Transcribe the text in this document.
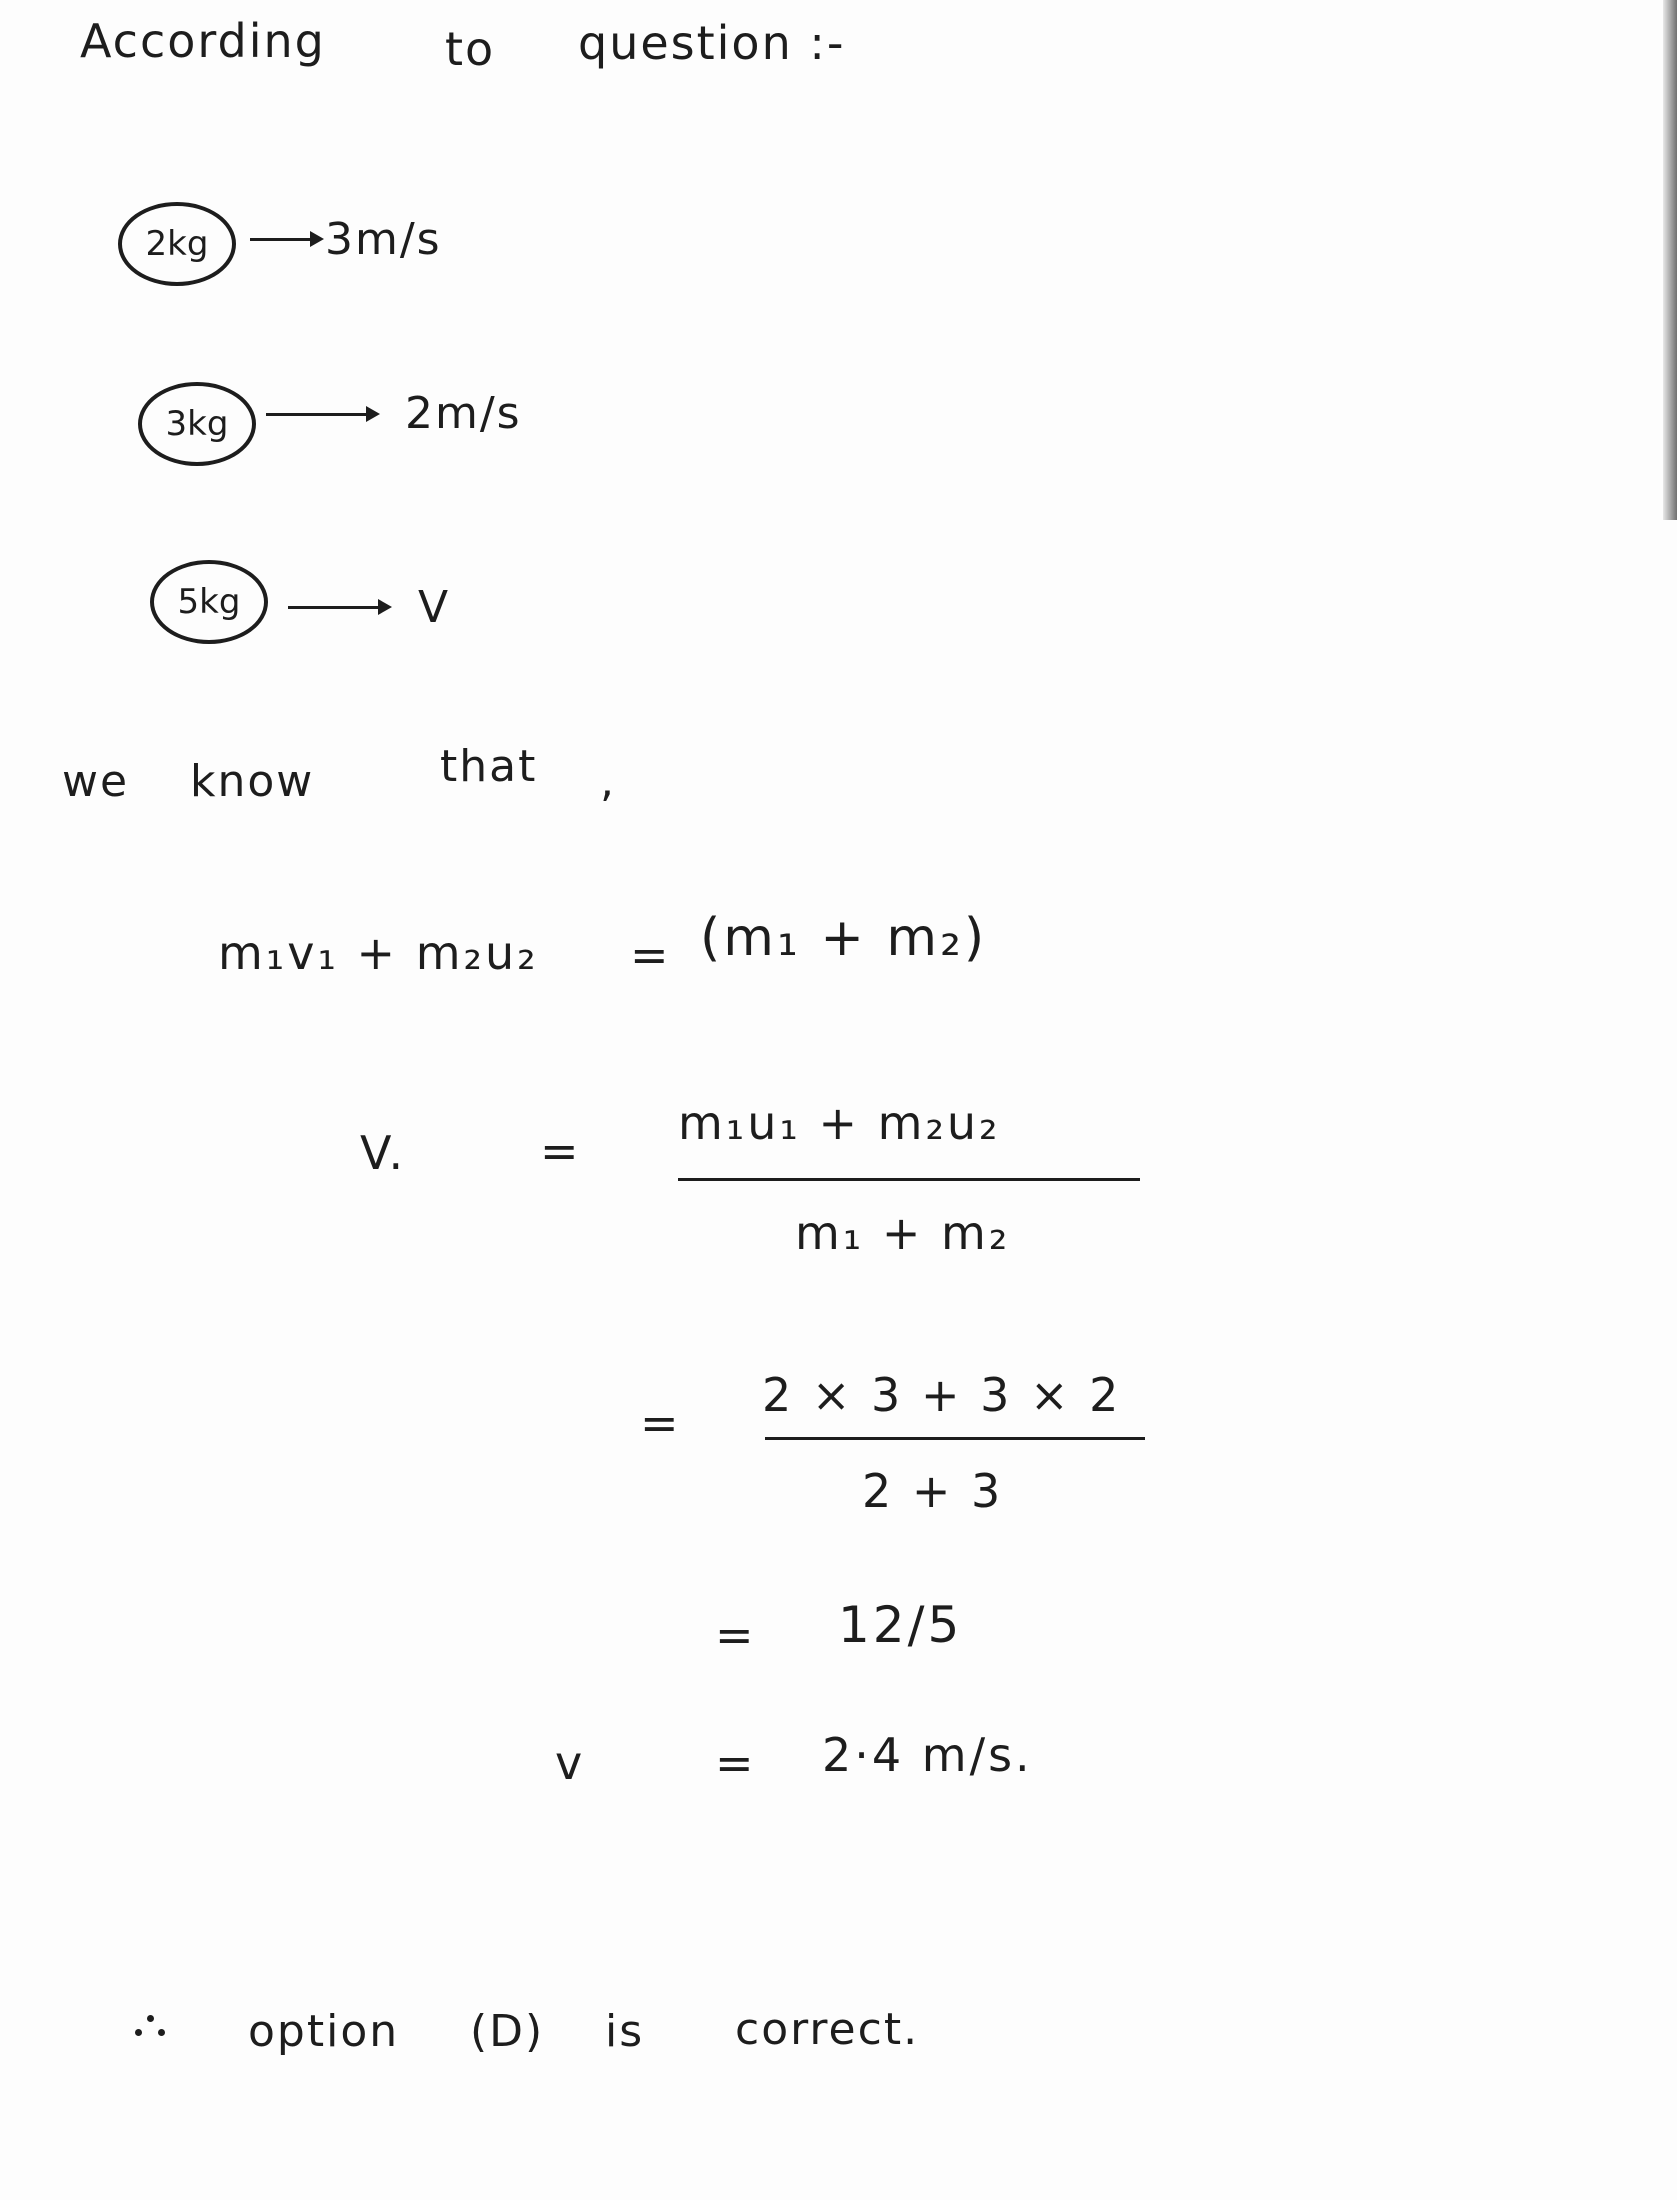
According	to question :-
2kg	3m/s
3kg	2m/s
5kg	V
we know	that ,
m₁v₁ + m₂u₂ = (m₁ + m₂)
V.	=
m₁u₁ + m₂u₂
m₁ + m₂
=
2 × 3 + 3 × 2
2 + 3
= 12/5
v	= 2·4 m/s.
option (D) is correct.
